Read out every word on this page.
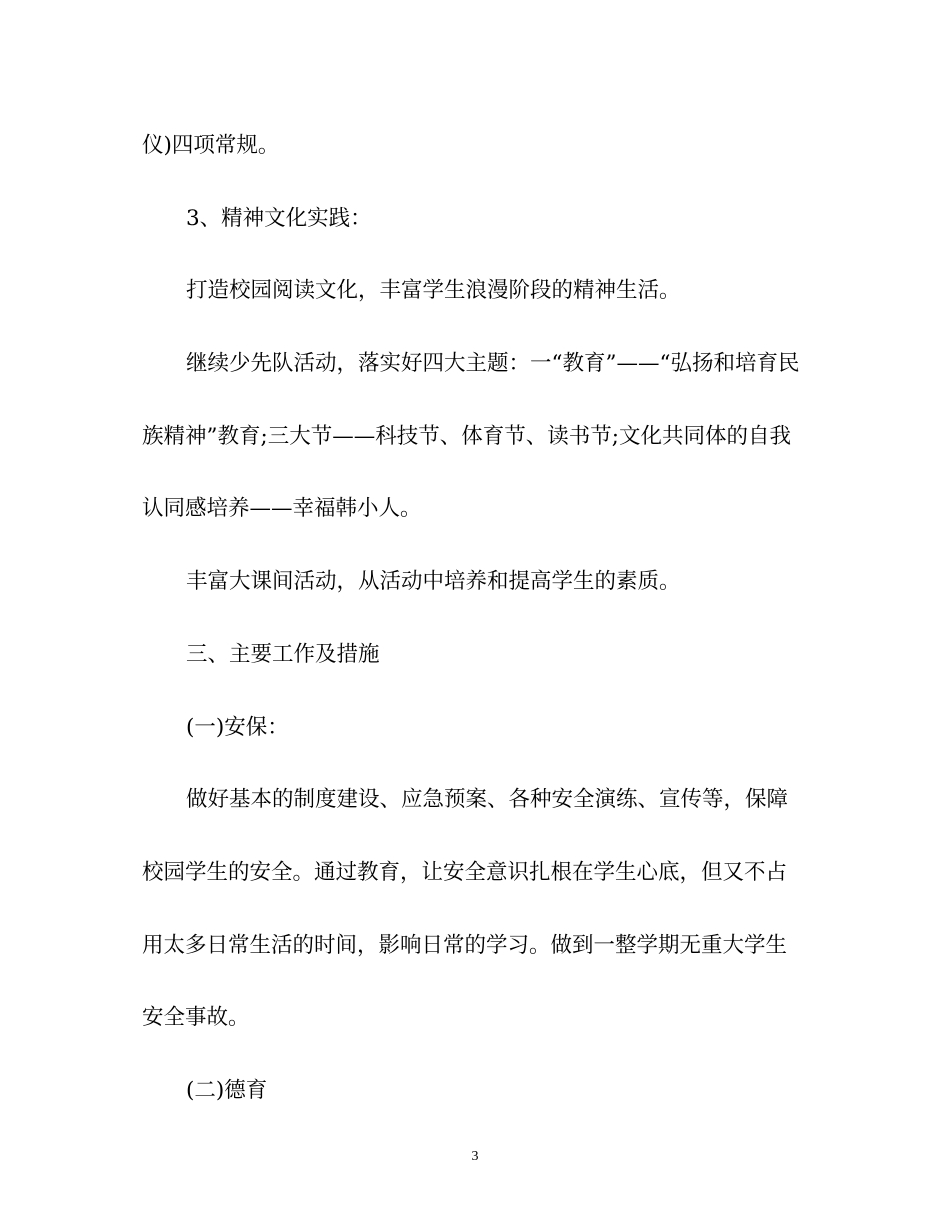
仪)四项常规。
3、精神文化实践：
打造校园阅读文化，丰富学生浪漫阶段的精神生活。
继续少先队活动，落实好四大主题：一“教育”——“弘扬和培育民
族精神”教育;三大节——科技节、体育节、读书节;文化共同体的自我
认同感培养——幸福韩小人。
丰富大课间活动，从活动中培养和提高学生的素质。
三、主要工作及措施
(一)安保：
做好基本的制度建设、应急预案、各种安全演练、宣传等，保障
校园学生的安全。通过教育，让安全意识扎根在学生心底，但又不占
用太多日常生活的时间，影响日常的学习。做到一整学期无重大学生
安全事故。
(二)德育
3
